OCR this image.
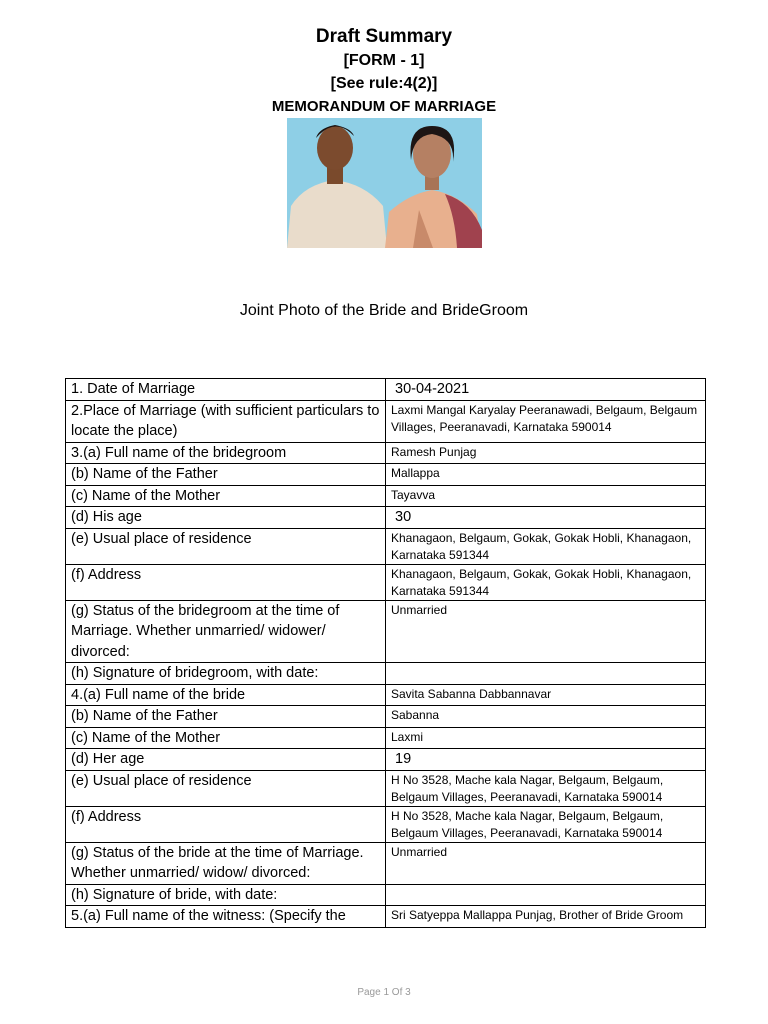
Draft Summary
[FORM - 1]
[See rule:4(2)]
MEMORANDUM OF MARRIAGE
Joint Photo of the Bride and BrideGroom
1. Date of Marriage	30-04-2021
2.Place of Marriage (with sufficient particulars to locate the place)	Laxmi Mangal Karyalay Peeranawadi, Belgaum, Belgaum Villages, Peeranavadi, Karnataka 590014
3.(a) Full name of the bridegroom	Ramesh Punjag
(b) Name of the Father	Mallappa
(c) Name of the Mother	Tayavva
(d) His age	30
(e) Usual place of residence	Khanagaon, Belgaum, Gokak, Gokak Hobli, Khanagaon, Karnataka 591344
(f) Address	Khanagaon, Belgaum, Gokak, Gokak Hobli, Khanagaon, Karnataka 591344
(g) Status of the bridegroom at the time of Marriage. Whether unmarried/ widower/ divorced:	Unmarried
(h) Signature of bridegroom, with date:	
4.(a) Full name of the bride	Savita Sabanna Dabbannavar
(b) Name of the Father	Sabanna
(c) Name of the Mother	Laxmi
(d) Her age	19
(e) Usual place of residence	H No 3528, Mache kala Nagar, Belgaum, Belgaum, Belgaum Villages, Peeranavadi, Karnataka 590014
(f) Address	H No 3528, Mache kala Nagar, Belgaum, Belgaum, Belgaum Villages, Peeranavadi, Karnataka 590014
(g) Status of the bride at the time of Marriage. Whether unmarried/ widow/ divorced:	Unmarried
(h) Signature of bride, with date:	
5.(a) Full name of the witness: (Specify the	Sri Satyeppa Mallappa Punjag, Brother of Bride Groom
Page 1 Of 3
